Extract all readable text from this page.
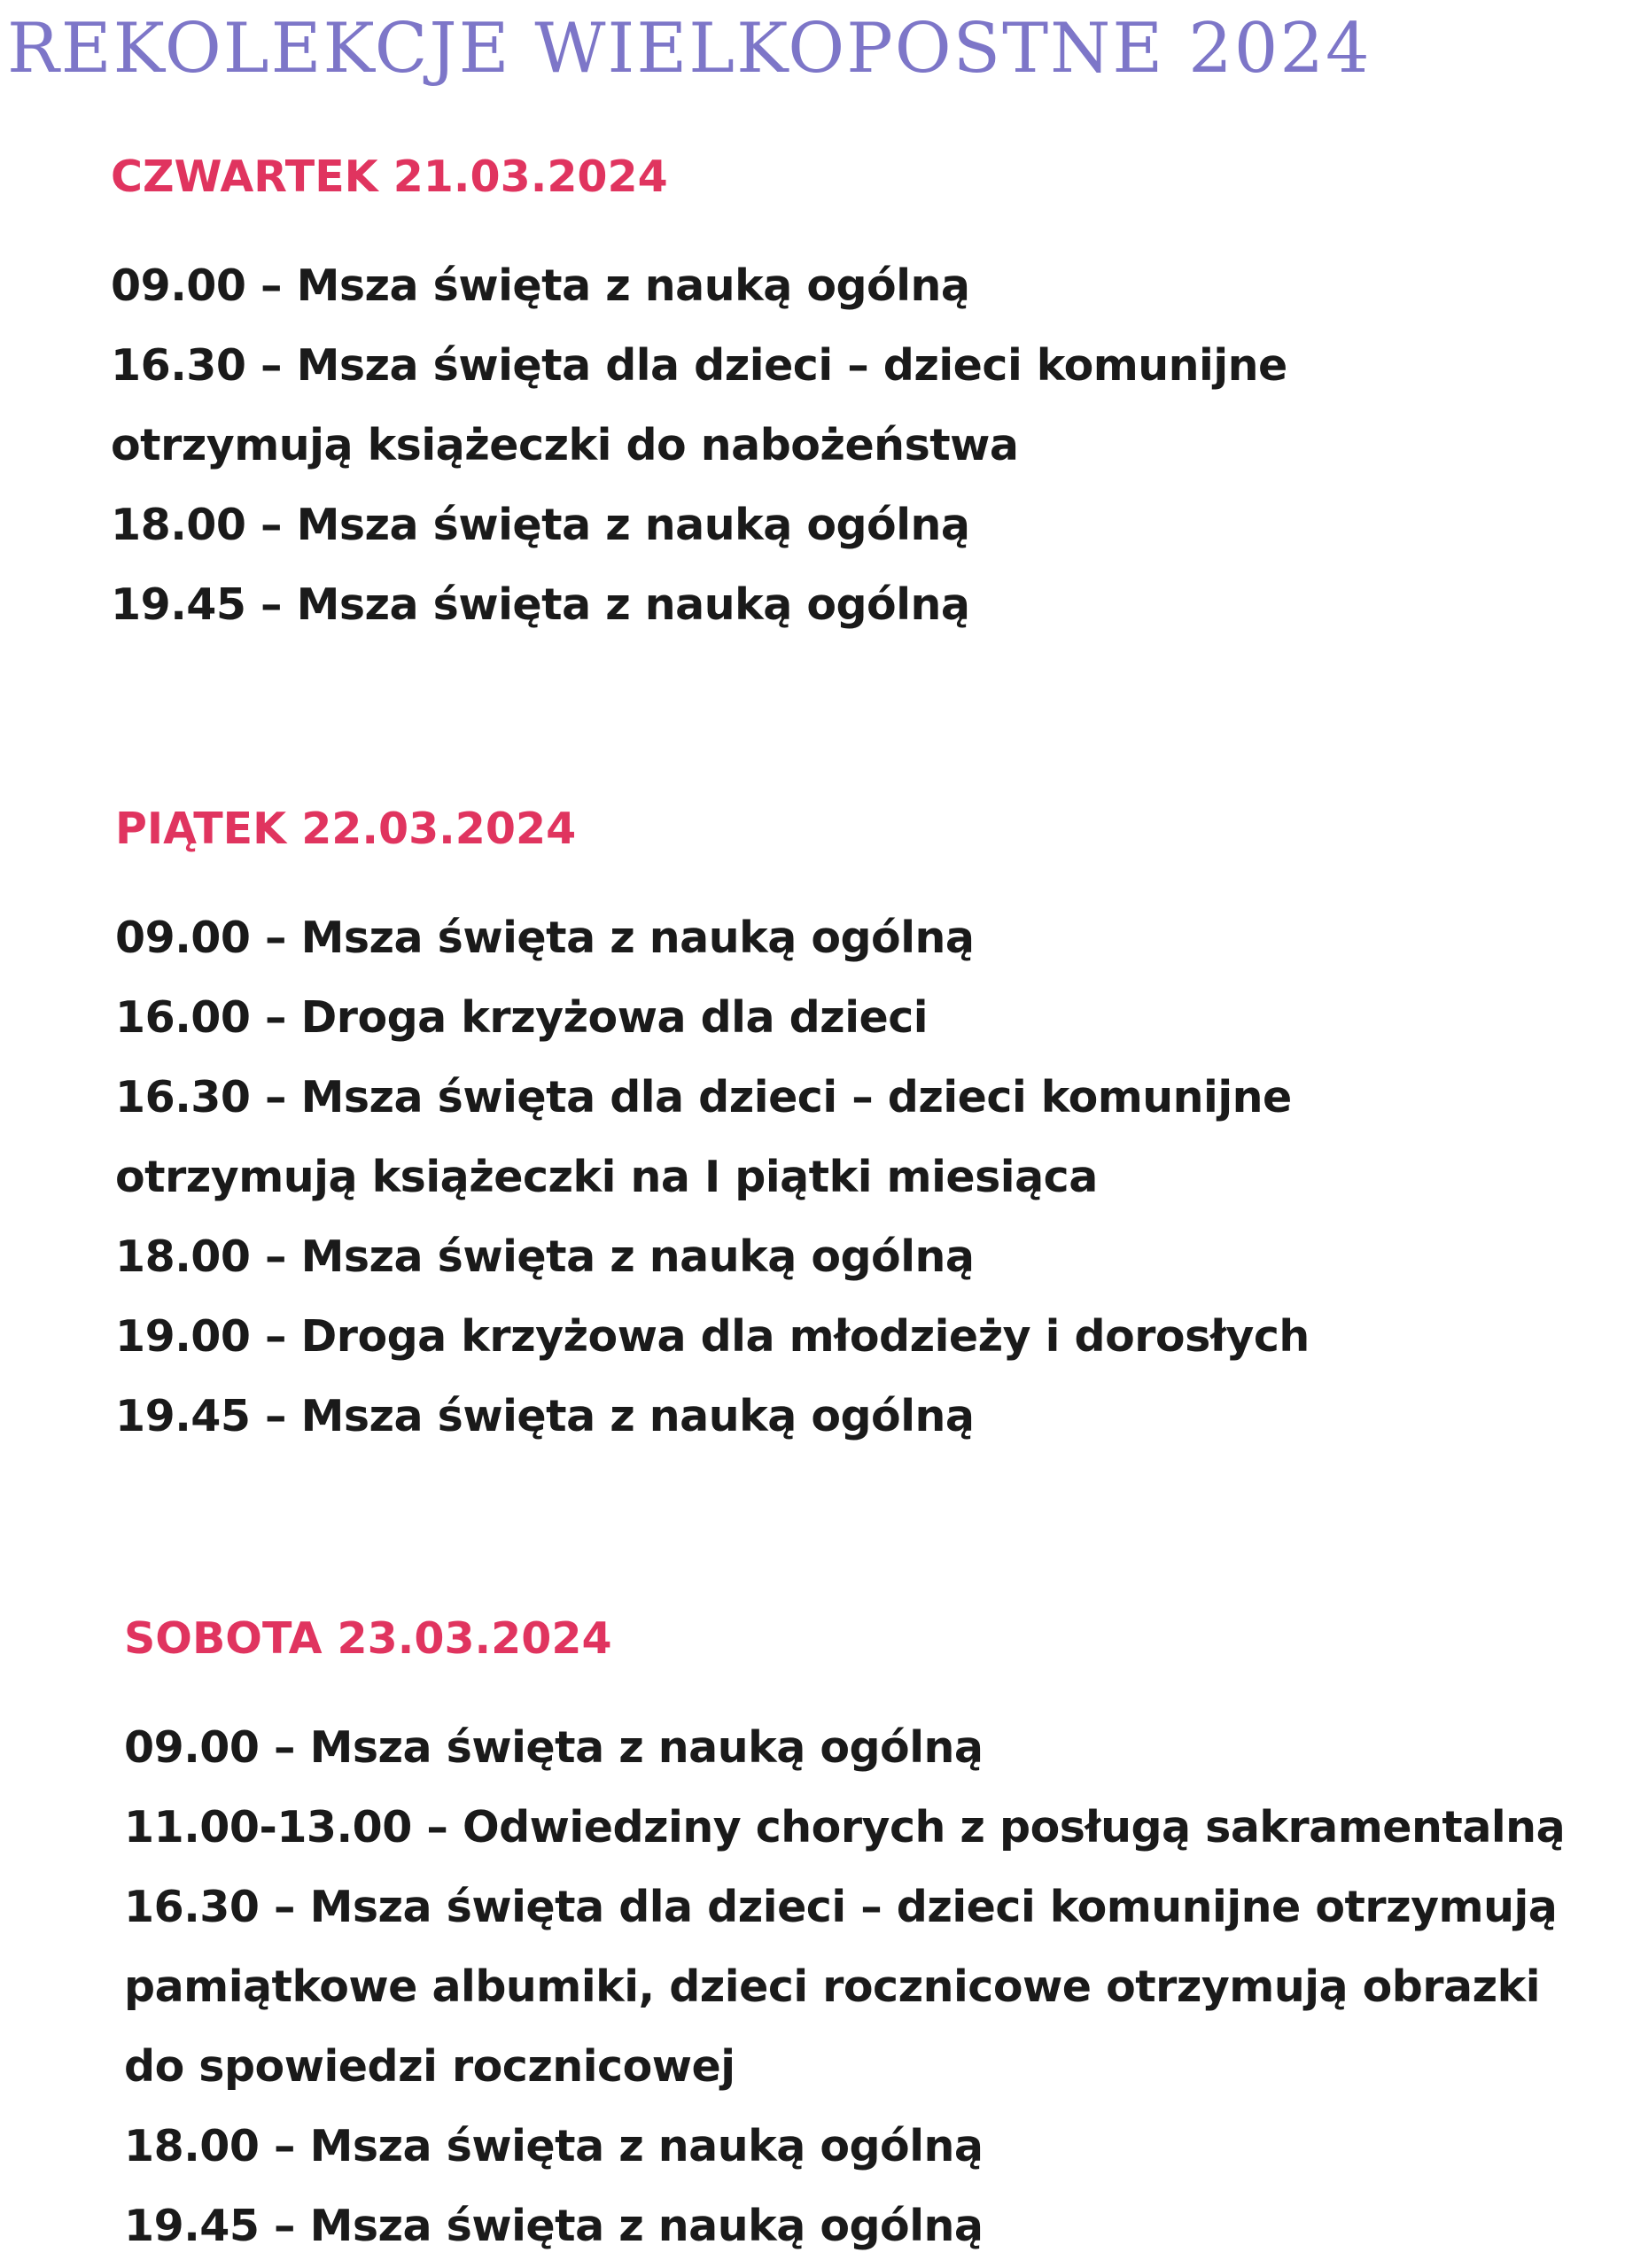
REKOLEKCJE WIELKOPOSTNE 2024
CZWARTEK 21.03.2024
09.00 – Msza święta z nauką ogólną
16.30 – Msza święta dla dzieci – dzieci komunijne otrzymują książeczki do nabożeństwa
18.00 – Msza święta z nauką ogólną
19.45 – Msza święta z nauką ogólną
PIĄTEK 22.03.2024
09.00 – Msza święta z nauką ogólną
16.00 – Droga krzyżowa dla dzieci
16.30 – Msza święta dla dzieci – dzieci komunijne otrzymują książeczki na I piątki miesiąca
18.00 – Msza święta z nauką ogólną
19.00 – Droga krzyżowa dla młodzieży i dorosłych
19.45 – Msza święta z nauką ogólną
SOBOTA 23.03.2024
09.00 – Msza święta z nauką ogólną
11.00-13.00 – Odwiedziny chorych z posługą sakramentalną
16.30 – Msza święta dla dzieci – dzieci komunijne otrzymują pamiątkowe albumiki, dzieci rocznicowe otrzymują obrazki do spowiedzi rocznicowej
18.00 – Msza święta z nauką ogólną
19.45 – Msza święta z nauką ogólną
